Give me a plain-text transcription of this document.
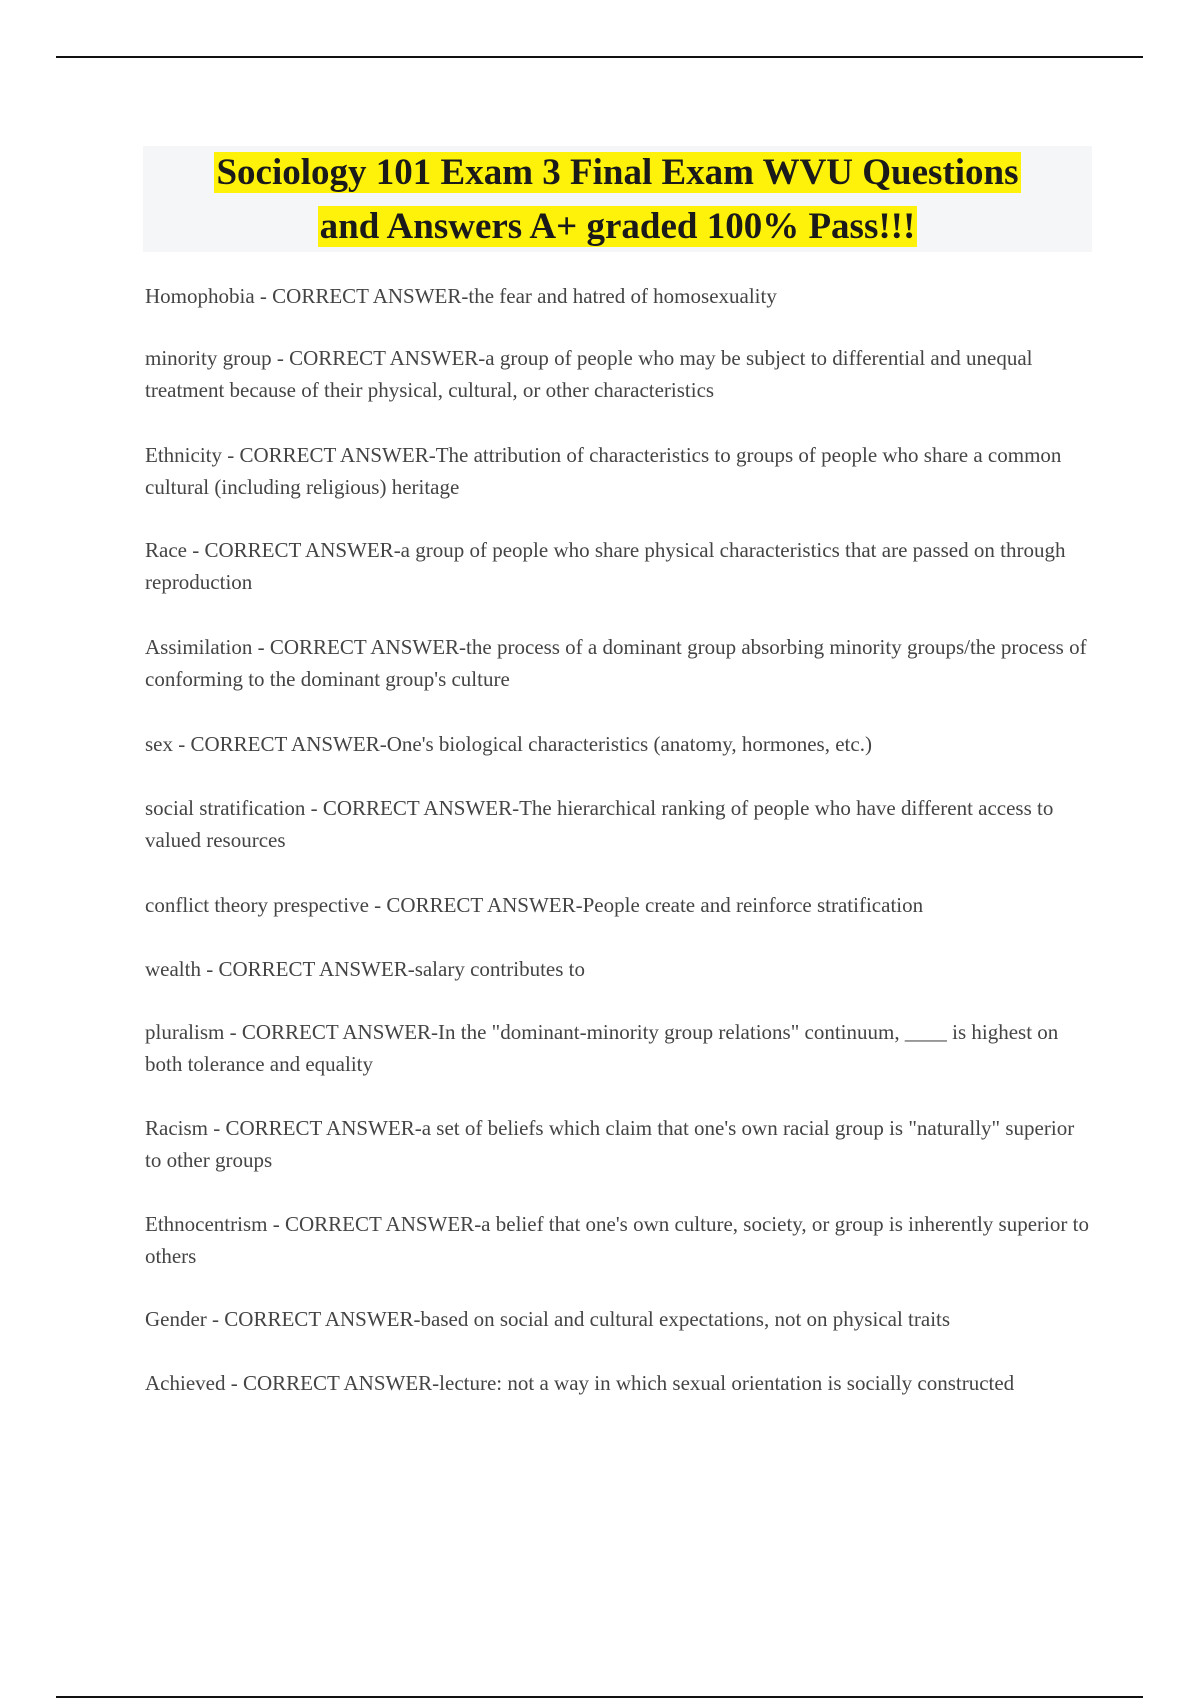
Sociology 101 Exam 3 Final Exam WVU Questions
and Answers A+ graded 100% Pass!!!
Homophobia - CORRECT ANSWER-the fear and hatred of homosexuality
minority group - CORRECT ANSWER-a group of people who may be subject to differential and unequal treatment because of their physical, cultural, or other characteristics
Ethnicity - CORRECT ANSWER-The attribution of characteristics to groups of people who share a common cultural (including religious) heritage
Race - CORRECT ANSWER-a group of people who share physical characteristics that are passed on through reproduction
Assimilation - CORRECT ANSWER-the process of a dominant group absorbing minority groups/the process of conforming to the dominant group's culture
sex - CORRECT ANSWER-One's biological characteristics (anatomy, hormones, etc.)
social stratification - CORRECT ANSWER-The hierarchical ranking of people who have different access to valued resources
conflict theory prespective - CORRECT ANSWER-People create and reinforce stratification
wealth - CORRECT ANSWER-salary contributes to
pluralism - CORRECT ANSWER-In the "dominant-minority group relations" continuum, ____ is highest on both tolerance and equality
Racism - CORRECT ANSWER-a set of beliefs which claim that one's own racial group is "naturally" superior to other groups
Ethnocentrism - CORRECT ANSWER-a belief that one's own culture, society, or group is inherently superior to others
Gender - CORRECT ANSWER-based on social and cultural expectations, not on physical traits
Achieved - CORRECT ANSWER-lecture: not a way in which sexual orientation is socially constructed
